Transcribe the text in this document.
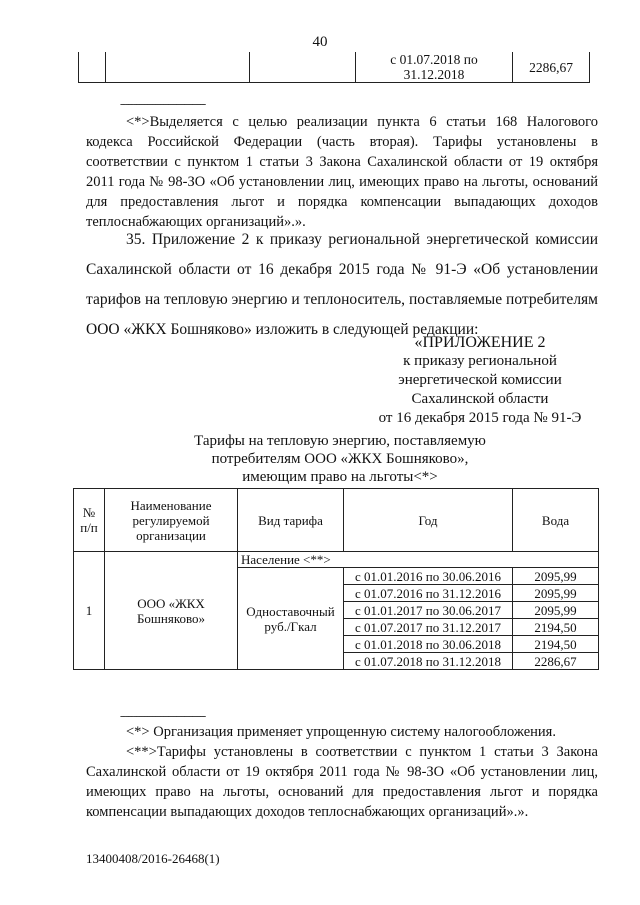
40
			с 01.07.2018 по 31.12.2018	2286,67
--------------------------------
<*>Выделяется с целью реализации пункта 6 статьи 168 Налогового кодекса Российской Федерации (часть вторая). Тарифы установлены в соответствии с пунктом 1 статьи 3 Закона Сахалинской области от 19 октября 2011 года № 98-ЗО «Об установлении лиц, имеющих право на льготы, оснований для предоставления льгот и порядка компенсации выпадающих доходов теплоснабжающих организаций».».
35. Приложение 2 к приказу региональной энергетической комиссии Сахалинской области от 16 декабря 2015 года № 91-Э «Об установлении тарифов на тепловую энергию и теплоноситель, поставляемые потребителям ООО «ЖКХ Бошняково» изложить в следующей редакции:
«ПРИЛОЖЕНИЕ 2
к приказу региональной
энергетической комиссии
Сахалинской области
от 16 декабря 2015 года № 91-Э
Тарифы на тепловую энергию, поставляемую
потребителям ООО «ЖКХ Бошняково»,
имеющим право на льготы<*>
№ п/п	Наименование регулируемой организации	Вид тарифа	Год	Вода
1	ООО «ЖКХ Бошняково»	Население <**>		
		Одноставочный руб./Гкал	с 01.01.2016 по 30.06.2016	2095,99
			с 01.07.2016 по 31.12.2016	2095,99
			с 01.01.2017 по 30.06.2017	2095,99
			с 01.07.2017 по 31.12.2017	2194,50
			с 01.01.2018 по 30.06.2018	2194,50
			с 01.07.2018 по 31.12.2018	2286,67
--------------------------------
<*> Организация применяет упрощенную систему налогообложения.
<**>Тарифы установлены в соответствии с пунктом 1 статьи 3 Закона Сахалинской области от 19 октября 2011 года № 98-ЗО «Об установлении лиц, имеющих право на льготы, оснований для предоставления льгот и порядка компенсации выпадающих доходов теплоснабжающих организаций».».
13400408/2016-26468(1)
